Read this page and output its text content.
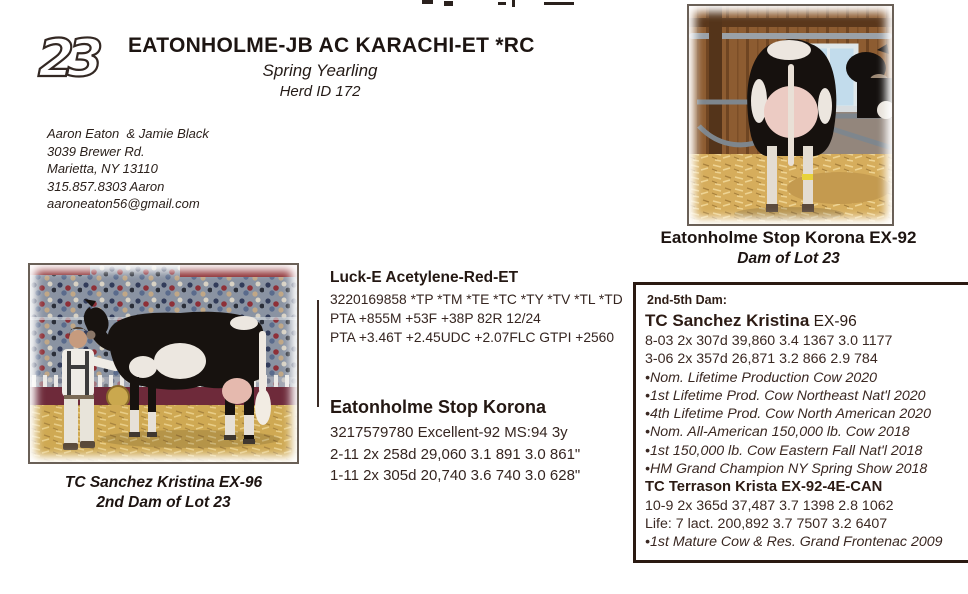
23 EATONHOLME-JB AC KARACHI-ET *RC
Spring Yearling
Herd ID 172
Aaron Eaton  & Jamie Black
3039 Brewer Rd.
Marietta, NY 13110
315.857.8303 Aaron
aaroneaton56@gmail.com
Eatonholme Stop Korona EX-92
Dam of Lot 23
TC Sanchez Kristina EX-96
2nd Dam of Lot 23
Luck-E Acetylene-Red-ET
3220169858 *TP *TM *TE *TC *TY *TV *TL *TD
PTA +855M +53F +38P 82R 12/24
PTA +3.46T +2.45UDC +2.07FLC GTPI +2560
Eatonholme Stop Korona
3217579780 Excellent-92 MS:94 3y
2-11 2x 258d 29,060 3.1 891 3.0 861"
1-11 2x 305d 20,740 3.6 740 3.0 628"
2nd-5th Dam:
TC Sanchez Kristina EX-96
8-03 2x 307d 39,860 3.4 1367 3.0 1177
3-06 2x 357d 26,871 3.2 866 2.9 784
•Nom. Lifetime Production Cow 2020
•1st Lifetime Prod. Cow Northeast Nat'l 2020
•4th Lifetime Prod. Cow North American 2020
•Nom. All-American 150,000 lb. Cow 2018
•1st 150,000 lb. Cow Eastern Fall Nat'l 2018
•HM Grand Champion NY Spring Show 2018
TC Terrason Krista EX-92-4E-CAN
10-9 2x 365d 37,487 3.7 1398 2.8 1062
Life: 7 lact. 200,892 3.7 7507 3.2 6407
•1st Mature Cow & Res. Grand Frontenac 2009
